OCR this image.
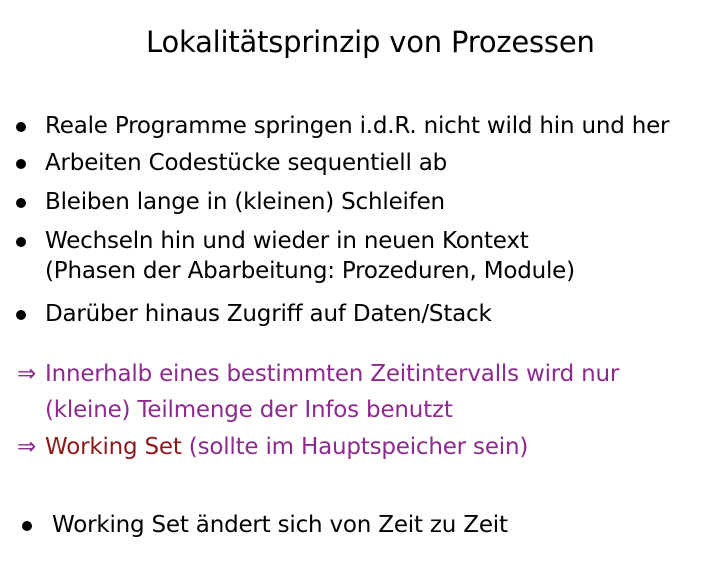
Lokalitätsprinzip von Prozessen
Reale Programme springen i.d.R. nicht wild hin und her
Arbeiten Codestücke sequentiell ab
Bleiben lange in (kleinen) Schleifen
Wechseln hin und wieder in neuen Kontext
(Phasen der Abarbeitung: Prozeduren, Module)
Darüber hinaus Zugriff auf Daten/Stack
⇒ Innerhalb eines bestimmten Zeitintervalls wird nur
(kleine) Teilmenge der Infos benutzt
⇒ Working Set (sollte im Hauptspeicher sein)
Working Set ändert sich von Zeit zu Zeit
